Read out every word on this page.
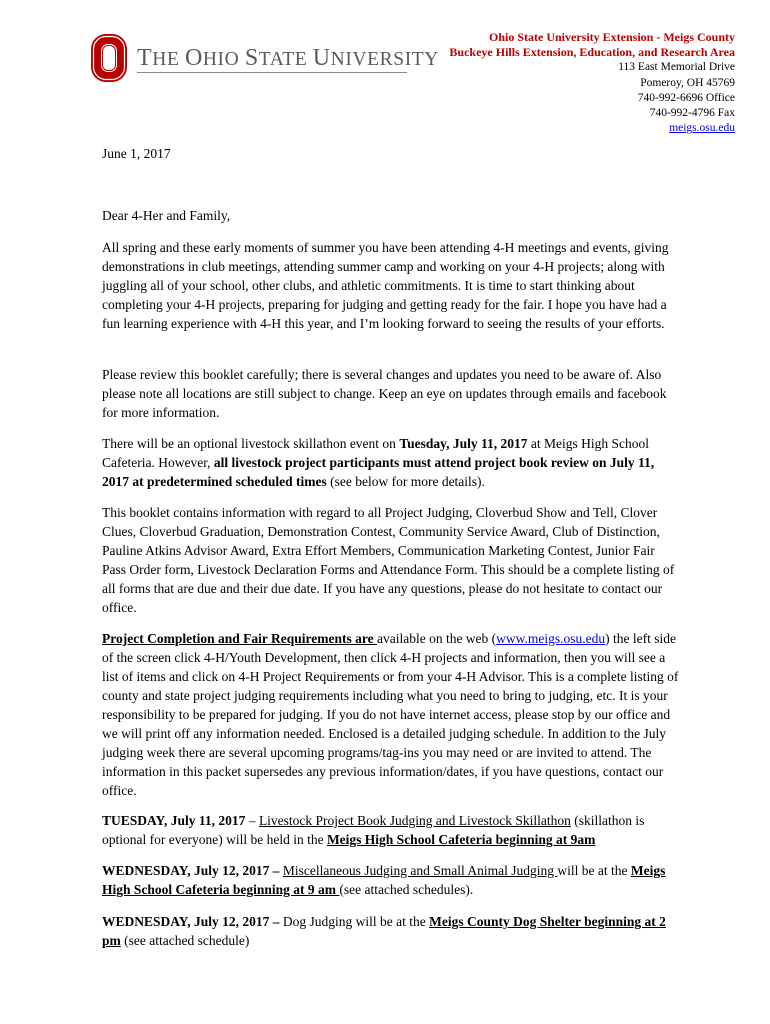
THE OHIO STATE UNIVERSITY
Ohio State University Extension - Meigs County
Buckeye Hills Extension, Education, and Research Area
113 East Memorial Drive
Pomeroy, OH 45769
740-992-6696 Office
740-992-4796 Fax
meigs.osu.edu
June 1, 2017
Dear 4-Her and Family,
All spring and these early moments of summer you have been attending 4-H meetings and events, giving demonstrations in club meetings, attending summer camp and working on your 4-H projects; along with juggling all of your school, other clubs, and athletic commitments. It is time to start thinking about completing your 4-H projects, preparing for judging and getting ready for the fair. I hope you have had a fun learning experience with 4-H this year, and I’m looking forward to seeing the results of your efforts.
Please review this booklet carefully; there is several changes and updates you need to be aware of. Also please note all locations are still subject to change. Keep an eye on updates through emails and facebook for more information.
There will be an optional livestock skillathon event on Tuesday, July 11, 2017 at Meigs High School Cafeteria. However, all livestock project participants must attend project book review on July 11, 2017 at predetermined scheduled times (see below for more details).
This booklet contains information with regard to all Project Judging, Cloverbud Show and Tell, Clover Clues, Cloverbud Graduation, Demonstration Contest, Community Service Award, Club of Distinction, Pauline Atkins Advisor Award, Extra Effort Members, Communication Marketing Contest, Junior Fair Pass Order form, Livestock Declaration Forms and Attendance Form. This should be a complete listing of all forms that are due and their due date. If you have any questions, please do not hesitate to contact our office.
Project Completion and Fair Requirements are available on the web (www.meigs.osu.edu) the left side of the screen click 4-H/Youth Development, then click 4-H projects and information, then you will see a list of items and click on 4-H Project Requirements or from your 4-H Advisor. This is a complete listing of county and state project judging requirements including what you need to bring to judging, etc. It is your responsibility to be prepared for judging. If you do not have internet access, please stop by our office and we will print off any information needed. Enclosed is a detailed judging schedule. In addition to the July judging week there are several upcoming programs/tag-ins you may need or are invited to attend. The information in this packet supersedes any previous information/dates, if you have questions, contact our office.
TUESDAY, July 11, 2017 – Livestock Project Book Judging and Livestock Skillathon (skillathon is optional for everyone) will be held in the Meigs High School Cafeteria beginning at 9am
WEDNESDAY, July 12, 2017 – Miscellaneous Judging and Small Animal Judging will be at the Meigs High School Cafeteria beginning at 9 am (see attached schedules).
WEDNESDAY, July 12, 2017 – Dog Judging will be at the Meigs County Dog Shelter beginning at 2 pm (see attached schedule)
